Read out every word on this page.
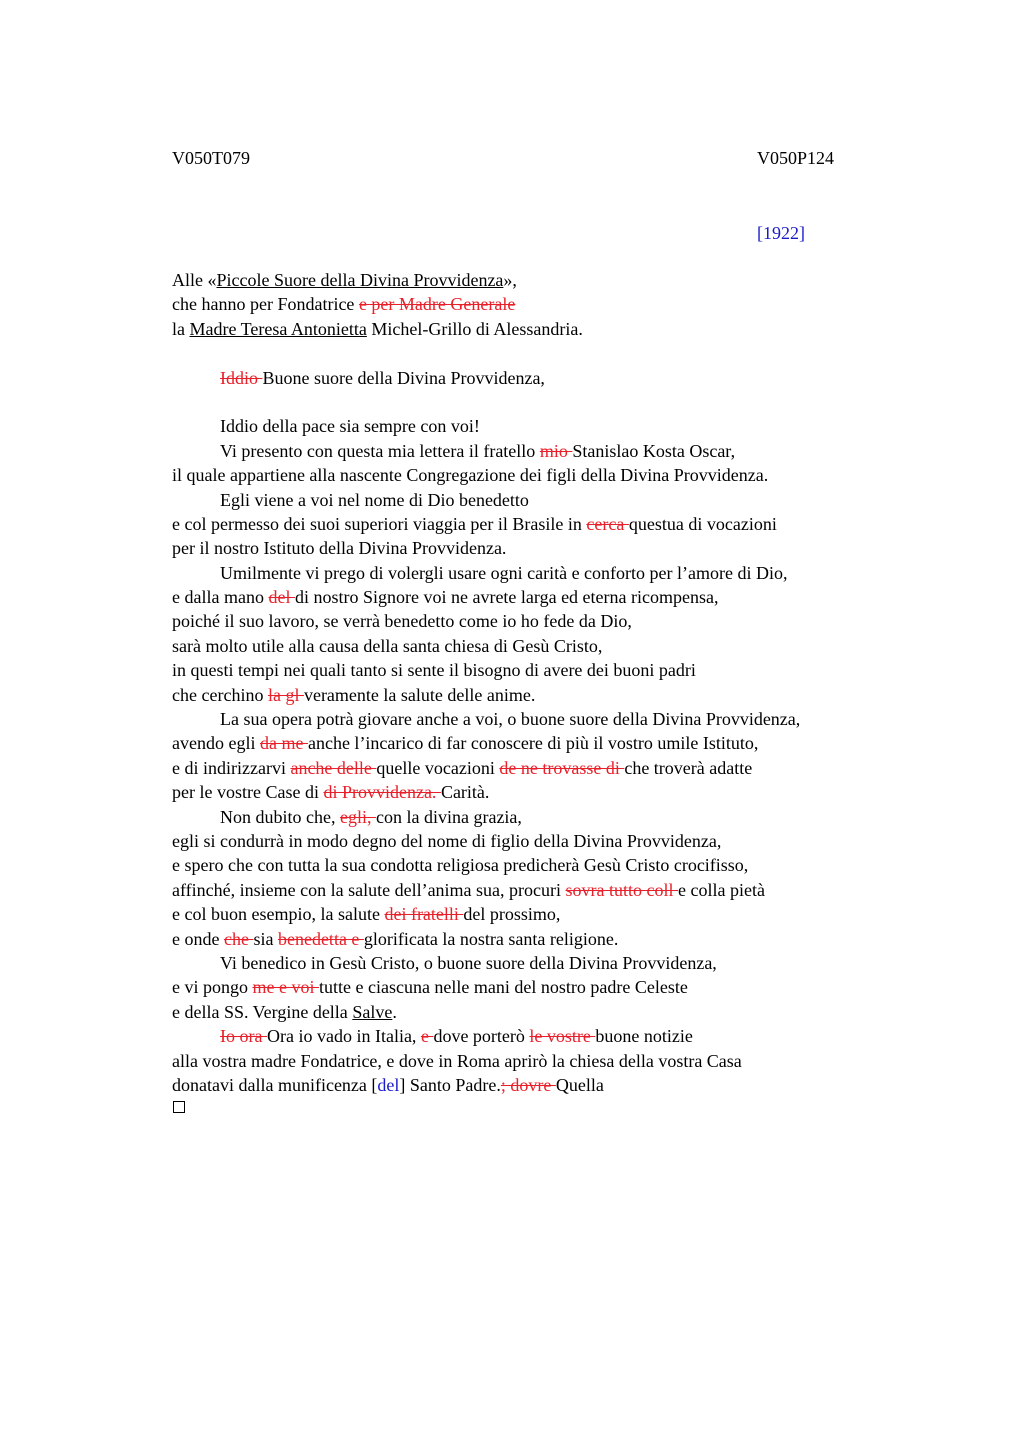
V050T079	V050P124
[1922]
Alle «Piccole Suore della Divina Provvidenza»,
che hanno per Fondatrice e per Madre Generale
la Madre Teresa Antonietta Michel-Grillo di Alessandria.
Iddio Buone suore della Divina Provvidenza,
Iddio della pace sia sempre con voi!
Vi presento con questa mia lettera il fratello mio Stanislao Kosta Oscar,
il quale appartiene alla nascente Congregazione dei figli della Divina Provvidenza.
Egli viene a voi nel nome di Dio benedetto
e col permesso dei suoi superiori viaggia per il Brasile in cerca questua di vocazioni
per il nostro Istituto della Divina Provvidenza.
Umilmente vi prego di volergli usare ogni carità e conforto per l’amore di Dio,
e dalla mano del di nostro Signore voi ne avrete larga ed eterna ricompensa,
poiché il suo lavoro, se verrà benedetto come io ho fede da Dio,
sarà molto utile alla causa della santa chiesa di Gesù Cristo,
in questi tempi nei quali tanto si sente il bisogno di avere dei buoni padri
che cerchino la gl veramente la salute delle anime.
La sua opera potrà giovare anche a voi, o buone suore della Divina Provvidenza,
avendo egli da me anche l’incarico di far conoscere di più il vostro umile Istituto,
e di indirizzarvi anche delle quelle vocazioni de ne trovasse di che troverà adatte
per le vostre Case di di Provvidenza. Carità.
Non dubito che, egli, con la divina grazia,
egli si condurrà in modo degno del nome di figlio della Divina Provvidenza,
e spero che con tutta la sua condotta religiosa predicherà Gesù Cristo crocifisso,
affinché, insieme con la salute dell’anima sua, procuri sovra tutto coll e colla pietà
e col buon esempio, la salute dei fratelli del prossimo,
e onde che sia benedetta e glorificata la nostra santa religione.
Vi benedico in Gesù Cristo, o buone suore della Divina Provvidenza,
e vi pongo me e voi tutte e ciascuna nelle mani del nostro padre Celeste
e della SS. Vergine della Salve.
Io ora Ora io vado in Italia, e dove porterò le vostre buone notizie
alla vostra madre Fondatrice, e dove in Roma aprirò la chiesa della vostra Casa
donatavi dalla munificenza [del] Santo Padre.; dovre Quella
